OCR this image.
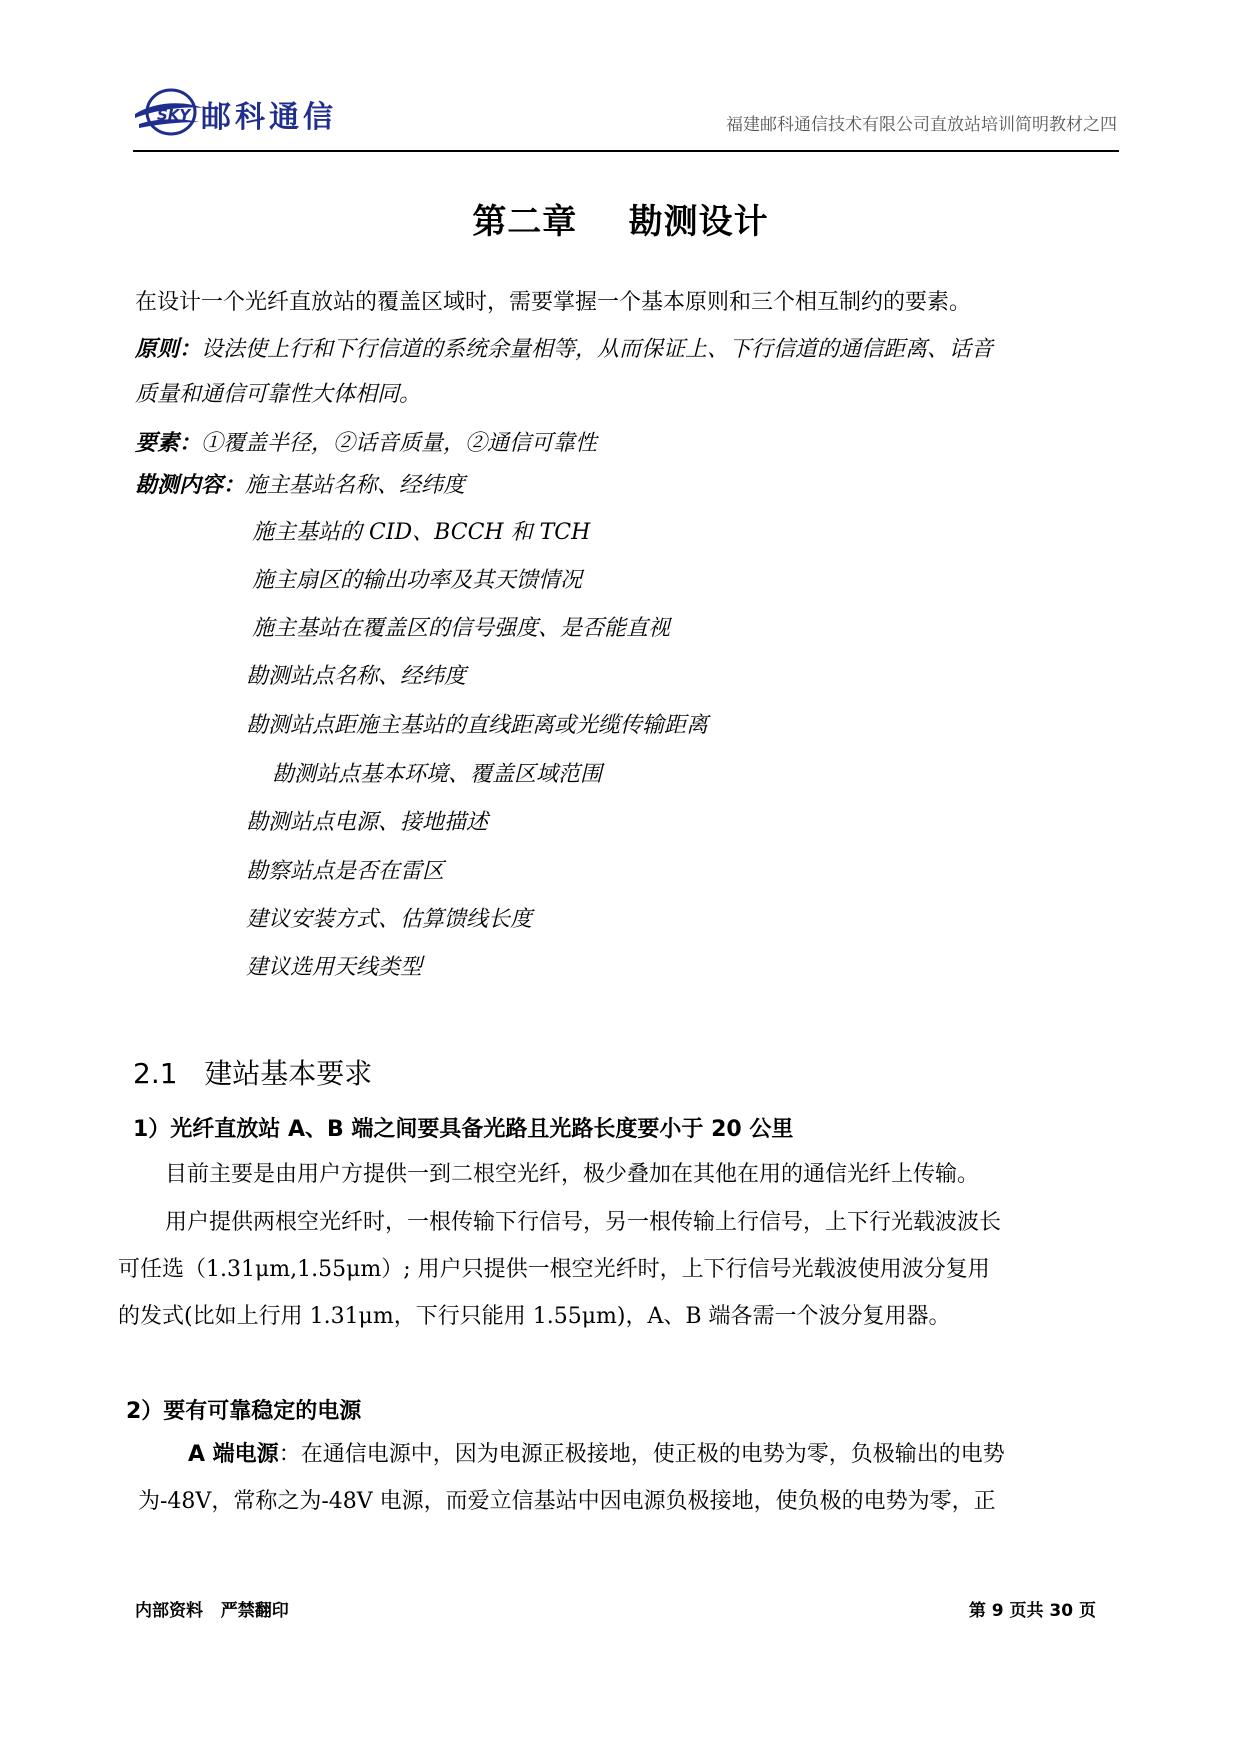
SKY 邮科通信	福建邮科通信技术有限公司直放站培训简明教材之四
第二章    勘测设计
在设计一个光纤直放站的覆盖区域时，需要掌握一个基本原则和三个相互制约的要素。
原则：设法使上行和下行信道的系统余量相等，从而保证上、下行信道的通信距离、话音
质量和通信可靠性大体相同。
要素：①覆盖半径，②话音质量，②通信可靠性
勘测内容：施主基站名称、经纬度
施主基站的 CID、BCCH 和 TCH
施主扇区的输出功率及其天馈情况
施主基站在覆盖区的信号强度、是否能直视
勘测站点名称、经纬度
勘测站点距施主基站的直线距离或光缆传输距离
勘测站点基本环境、覆盖区域范围
勘测站点电源、接地描述
勘察站点是否在雷区
建议安装方式、估算馈线长度
建议选用天线类型
2.1 建站基本要求
1）光纤直放站 A、B 端之间要具备光路且光路长度要小于 20 公里
目前主要是由用户方提供一到二根空光纤，极少叠加在其他在用的通信光纤上传输。
用户提供两根空光纤时，一根传输下行信号，另一根传输上行信号，上下行光载波波长
可任选（1.31μm,1.55μm）; 用户只提供一根空光纤时，上下行信号光载波使用波分复用
的发式(比如上行用 1.31μm，下行只能用 1.55μm)，A、B 端各需一个波分复用器。
2）要有可靠稳定的电源
A 端电源：在通信电源中，因为电源正极接地，使正极的电势为零，负极输出的电势
为-48V，常称之为-48V 电源，而爱立信基站中因电源负极接地，使负极的电势为零，正
内部资料   严禁翻印	第 9 页共 30 页
